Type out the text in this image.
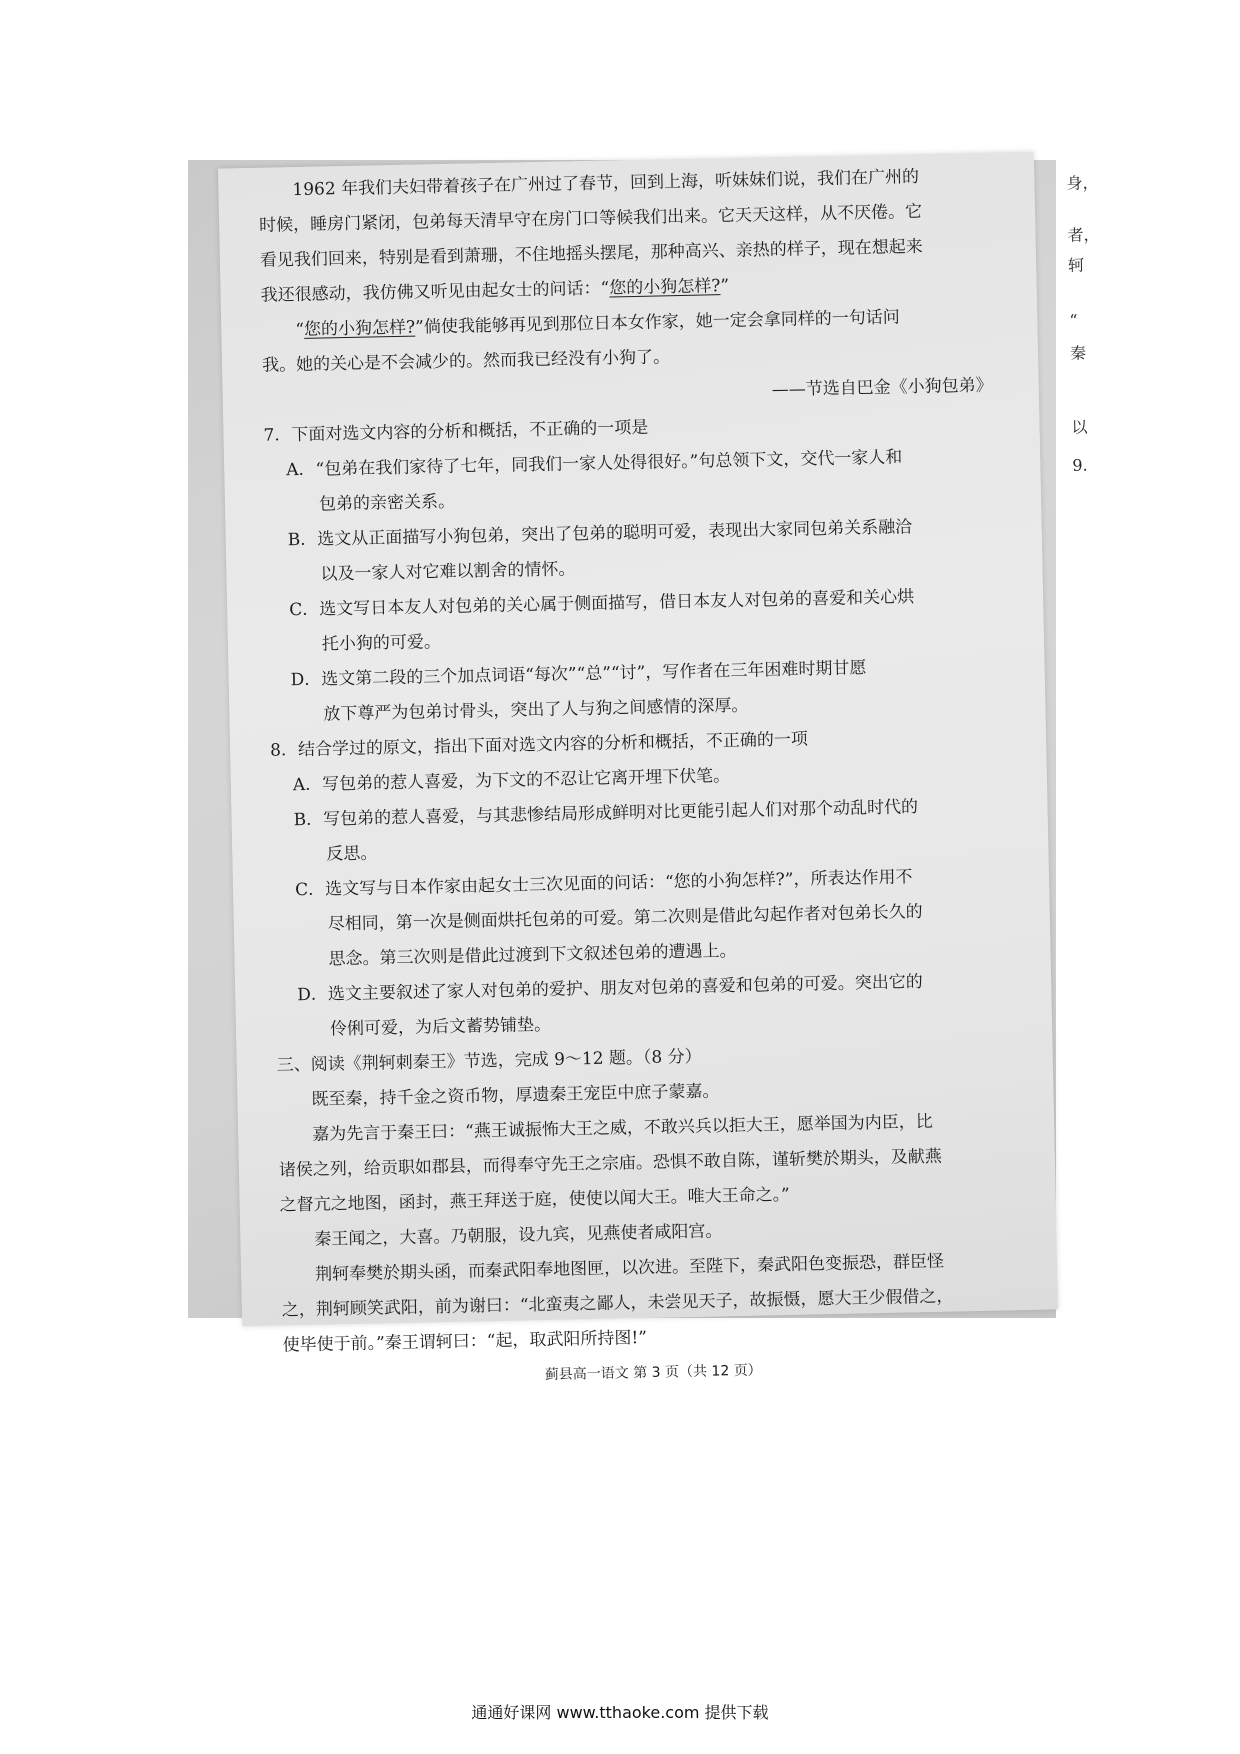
1962 年我们夫妇带着孩子在广州过了春节，回到上海，听妹妹们说，我们在广州的

时候，睡房门紧闭，包弟每天清早守在房门口等候我们出来。它天天这样，从不厌倦。它

看见我们回来，特别是看到萧珊，不住地摇头摆尾，那种高兴、亲热的样子，现在想起来

我还很感动，我仿佛又听见由起女士的问话：“您的小狗怎样?”

“您的小狗怎样?”倘使我能够再见到那位日本女作家，她一定会拿同样的一句话问

我。她的关心是不会减少的。然而我已经没有小狗了。

——节选自巴金《小狗包弟》

7．下面对选文内容的分析和概括，不正确的一项是

A．“包弟在我们家待了七年，同我们一家人处得很好。”句总领下文，交代一家人和
包弟的亲密关系。

B．选文从正面描写小狗包弟，突出了包弟的聪明可爱，表现出大家同包弟关系融洽
以及一家人对它难以割舍的情怀。

C．选文写日本友人对包弟的关心属于侧面描写，借日本友人对包弟的喜爱和关心烘
托小狗的可爱。

D．选文第二段的三个加点词语“每次”“总”“讨”，写作者在三年困难时期甘愿
放下尊严为包弟讨骨头，突出了人与狗之间感情的深厚。

8．结合学过的原文，指出下面对选文内容的分析和概括，不正确的一项

A．写包弟的惹人喜爱，为下文的不忍让它离开埋下伏笔。

B．写包弟的惹人喜爱，与其悲惨结局形成鲜明对比更能引起人们对那个动乱时代的
反思。

C．选文写与日本作家由起女士三次见面的问话：“您的小狗怎样?”，所表达作用不
尽相同，第一次是侧面烘托包弟的可爱。第二次则是借此勾起作者对包弟长久的
思念。第三次则是借此过渡到下文叙述包弟的遭遇上。

D．选文主要叙述了家人对包弟的爱护、朋友对包弟的喜爱和包弟的可爱。突出它的
伶俐可爱，为后文蓄势铺垫。

三、阅读《荆轲刺秦王》节选，完成 9～12 题。（8 分）

既至秦，持千金之资币物，厚遗秦王宠臣中庶子蒙嘉。

嘉为先言于秦王曰：“燕王诚振怖大王之威，不敢兴兵以拒大王，愿举国为内臣，比

诸侯之列，给贡职如郡县，而得奉守先王之宗庙。恐惧不敢自陈，谨斩樊於期头，及献燕

之督亢之地图，函封，燕王拜送于庭，使使以闻大王。唯大王命之。”

秦王闻之，大喜。乃朝服，设九宾，见燕使者咸阳宫。

荆轲奉樊於期头函，而秦武阳奉地图匣，以次进。至陛下，秦武阳色变振恐，群臣怪

之，荆轲顾笑武阳，前为谢曰：“北蛮夷之鄙人，未尝见天子，故振慑，愿大王少假借之，

使毕使于前。”秦王谓轲曰：“起，取武阳所持图!”

蓟县高一语文 第 3 页（共 12 页）

身，
者，
轲
“
秦
以
9.
通通好课网 www.tthaoke.com 提供下载
